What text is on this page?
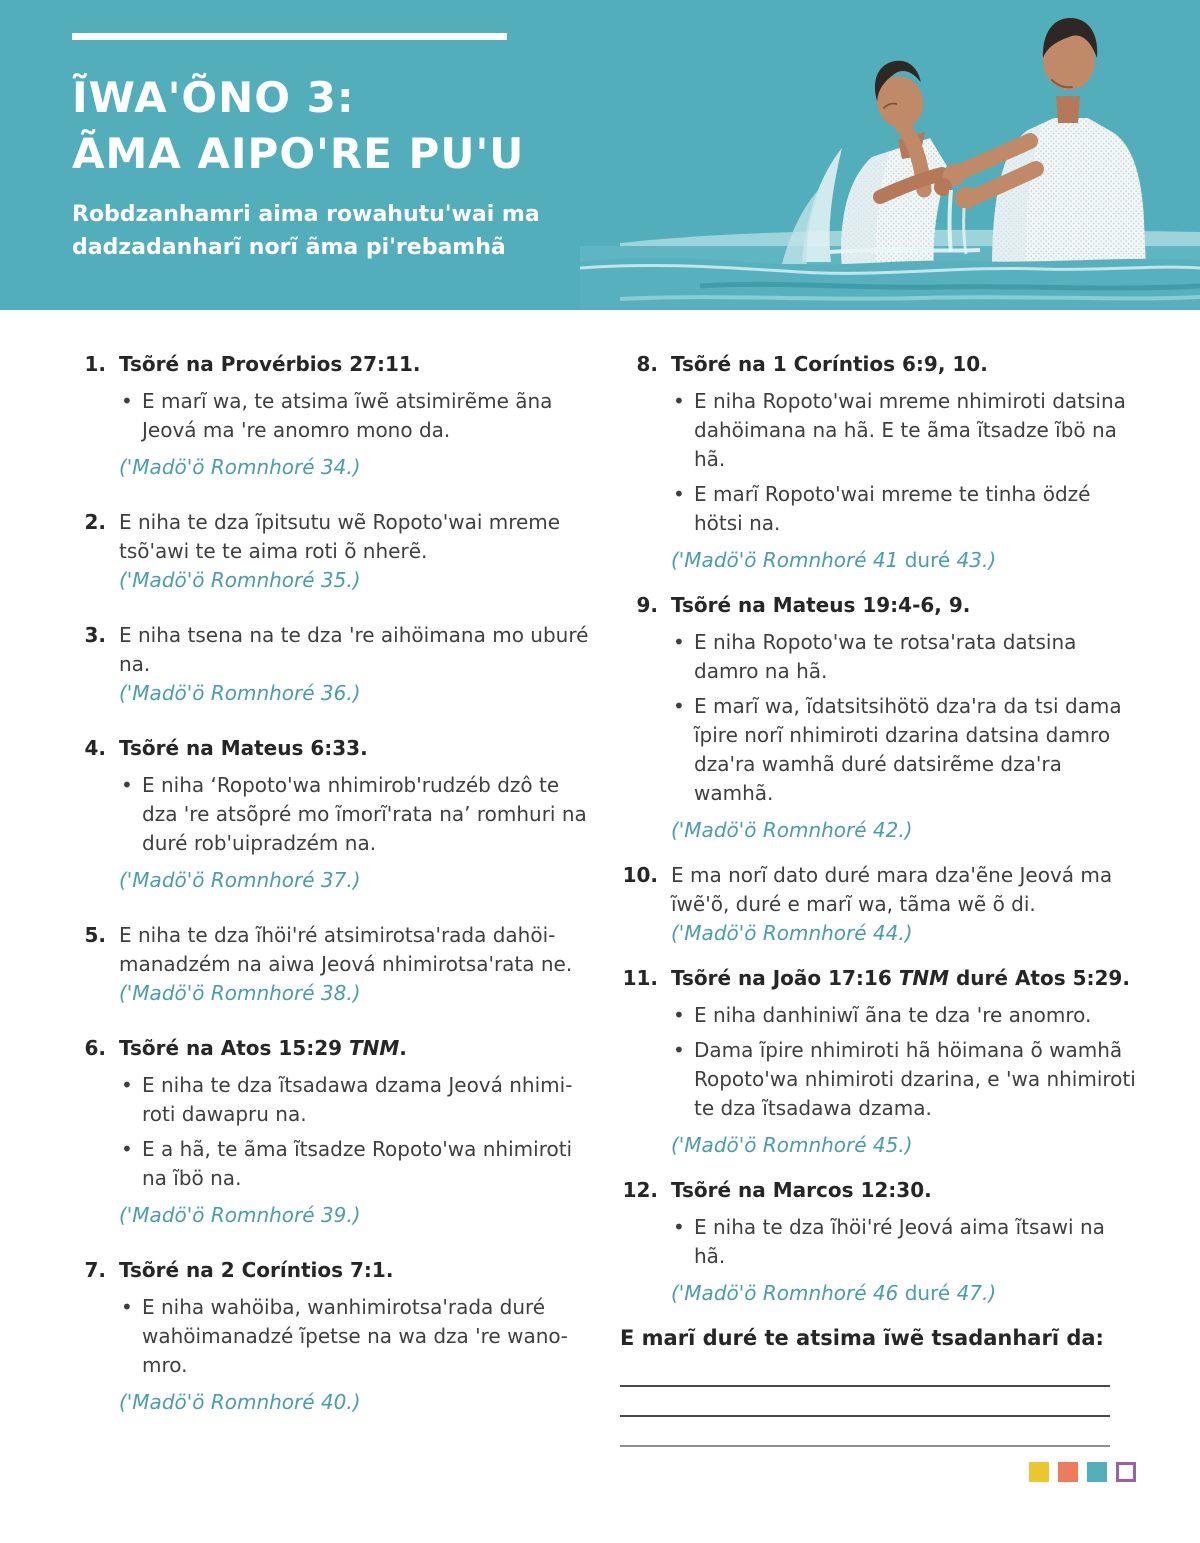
ĨWA'ÕNO 3:
ÃMA AIPO'RE PU'U
Robdzanhamri aima rowahutu'wai ma
dadzadanharĩ norĩ ãma pi'rebamhã
1. Tsõré na Provérbios 27:11.

• E marĩ wa, te atsima ĩwẽ atsimirẽme ãna Jeová ma 're anomro mono da.

('Madö'ö Romnhoré 34.)

2. E niha te dza ĩpitsutu wẽ Ropoto'wai mreme tsõ'awi te te aima roti õ nherẽ.

('Madö'ö Romnhoré 35.)

3. E niha tsena na te dza 're aihöimana mo uburé na.

('Madö'ö Romnhoré 36.)

4. Tsõré na Mateus 6:33.

• E niha ‘Ropoto'wa nhimirob'rudzéb dzô te dza 're atsõpré mo ĩmorĩ'rata na’ romhuri na duré rob'uipradzém na.

('Madö'ö Romnhoré 37.)

5. E niha te dza ĩhöi'ré atsimirotsa'rada dahöimanadzém na aiwa Jeová nhimirotsa'rata ne.

('Madö'ö Romnhoré 38.)

6. Tsõré na Atos 15:29 TNM.

• E niha te dza ĩtsadawa dzama Jeová nhimiroti dawapru na.
• E a hã, te ãma ĩtsadze Ropoto'wa nhimiroti na ĩbö na.

('Madö'ö Romnhoré 39.)

7. Tsõré na 2 Coríntios 7:1.

• E niha wahöiba, wanhimirotsa'rada duré wahöimanadzé ĩpetse na wa dza 're wanomro.

('Madö'ö Romnhoré 40.)

8. Tsõré na 1 Coríntios 6:9, 10.

• E niha Ropoto'wai mreme nhimiroti datsina dahöimana na hã. E te ãma ĩtsadze ĩbö na hã.
• E marĩ Ropoto'wai mreme te tinha ödzé hötsi na.

('Madö'ö Romnhoré 41 duré 43.)

9. Tsõré na Mateus 19:4-6, 9.

• E niha Ropoto'wa te rotsa'rata datsina damro na hã.
• E marĩ wa, ĩdatsitsihötö dza'ra da tsi dama ĩpire norĩ nhimiroti dzarina datsina damro dza'ra wamhã duré datsirẽme dza'ra wamhã.

('Madö'ö Romnhoré 42.)

10. E ma norĩ dato duré mara dza'ẽne Jeová ma ĩwẽ'õ, duré e marĩ wa, tãma wẽ õ di.

('Madö'ö Romnhoré 44.)

11. Tsõré na João 17:16 TNM duré Atos 5:29.

• E niha danhiniwĩ ãna te dza 're anomro.
• Dama ĩpire nhimiroti hã höimana õ wamhã Ropoto'wa nhimiroti dzarina, e 'wa nhimiroti te dza ĩtsadawa dzama.

('Madö'ö Romnhoré 45.)

12. Tsõré na Marcos 12:30.

• E niha te dza ĩhöi'ré Jeová aima ĩtsawi na hã.

('Madö'ö Romnhoré 46 duré 47.)

E marĩ duré te atsima ĩwẽ tsadanharĩ da:
